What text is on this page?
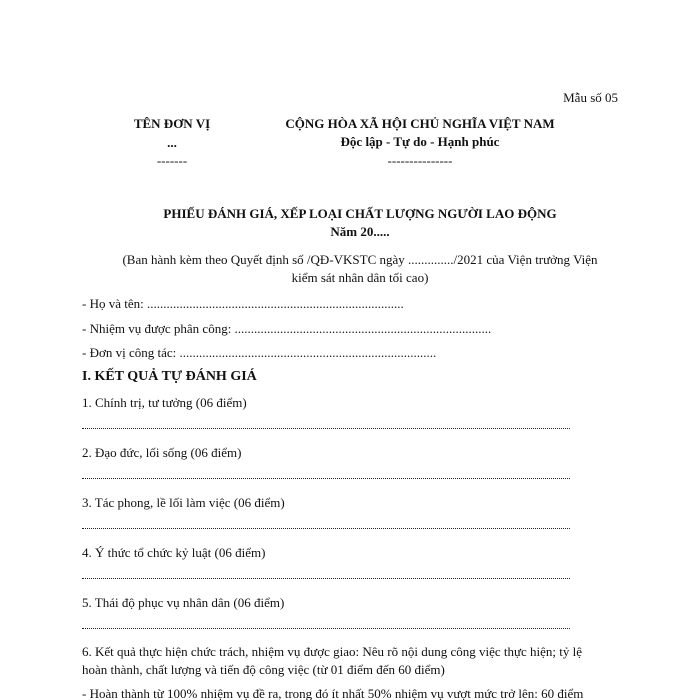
Mẫu số 05
TÊN ĐƠN VỊ
...
-------
CỘNG HÒA XÃ HỘI CHỦ NGHĨA VIỆT NAM
Độc lập - Tự do - Hạnh phúc
---------------
PHIẾU ĐÁNH GIÁ, XẾP LOẠI CHẤT LƯỢNG NGƯỜI LAO ĐỘNG
Năm 20.....
(Ban hành kèm theo Quyết định số /QĐ-VKSTC ngày ............../2021 của Viện trưởng Viện
kiểm sát nhân dân tối cao)
- Họ và tên: ...............................................................................
- Nhiệm vụ được phân công: ...............................................................................
- Đơn vị công tác: ...............................................................................
I. KẾT QUẢ TỰ ĐÁNH GIÁ
1. Chính trị, tư tưởng (06 điểm)
2. Đạo đức, lối sống (06 điểm)
3. Tác phong, lề lối làm việc (06 điểm)
4. Ý thức tổ chức kỷ luật (06 điểm)
5. Thái độ phục vụ nhân dân (06 điểm)
6. Kết quả thực hiện chức trách, nhiệm vụ được giao: Nêu rõ nội dung công việc thực hiện; tỷ lệ
hoàn thành, chất lượng và tiến độ công việc (từ 01 điểm đến 60 điểm)
- Hoàn thành từ 100% nhiệm vụ đề ra, trong đó ít nhất 50% nhiệm vụ vượt mức trở lên: 60 điểm
